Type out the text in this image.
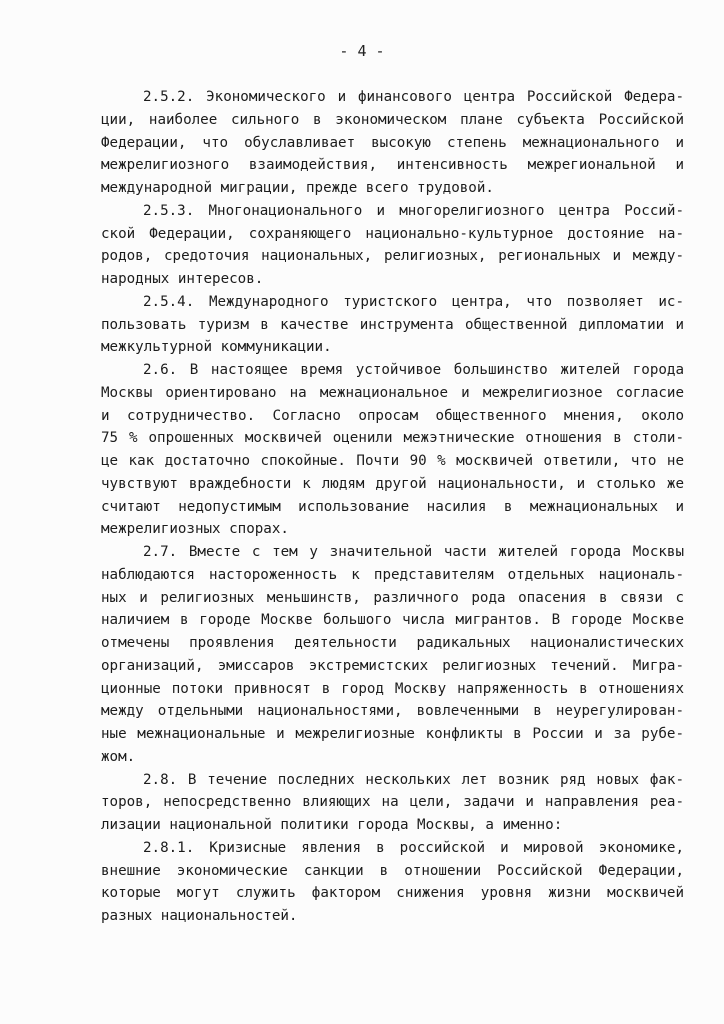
- 4 -
2.5.2. Экономического и финансового центра Российской Федера-
ции, наиболее сильного в экономическом плане субъекта Российской
Федерации, что обуславливает высокую степень межнационального и
межрелигиозного взаимодействия, интенсивность межрегиональной и
международной миграции, прежде всего трудовой.
2.5.3. Многонационального и многорелигиозного центра Россий-
ской Федерации, сохраняющего национально-культурное достояние на-
родов, средоточия национальных, религиозных, региональных и между-
народных интересов.
2.5.4. Международного туристского центра, что позволяет ис-
пользовать туризм в качестве инструмента общественной дипломатии и
межкультурной коммуникации.
2.6. В настоящее время устойчивое большинство жителей города
Москвы ориентировано на межнациональное и межрелигиозное согласие
и сотрудничество. Согласно опросам общественного мнения, около
75 % опрошенных москвичей оценили межэтнические отношения в столи-
це как достаточно спокойные. Почти 90 % москвичей ответили, что не
чувствуют враждебности к людям другой национальности, и столько же
считают недопустимым использование насилия в межнациональных и
межрелигиозных спорах.
2.7. Вместе с тем у значительной части жителей города Москвы
наблюдаются настороженность к представителям отдельных националь-
ных и религиозных меньшинств, различного рода опасения в связи с
наличием в городе Москве большого числа мигрантов. В городе Москве
отмечены проявления деятельности радикальных националистических
организаций, эмиссаров экстремистских религиозных течений. Мигра-
ционные потоки привносят в город Москву напряженность в отношениях
между отдельными национальностями, вовлеченными в неурегулирован-
ные межнациональные и межрелигиозные конфликты в России и за рубе-
жом.
2.8. В течение последних нескольких лет возник ряд новых фак-
торов, непосредственно влияющих на цели, задачи и направления реа-
лизации национальной политики города Москвы, а именно:
2.8.1. Кризисные явления в российской и мировой экономике,
внешние экономические санкции в отношении Российской Федерации,
которые могут служить фактором снижения уровня жизни москвичей
разных национальностей.
